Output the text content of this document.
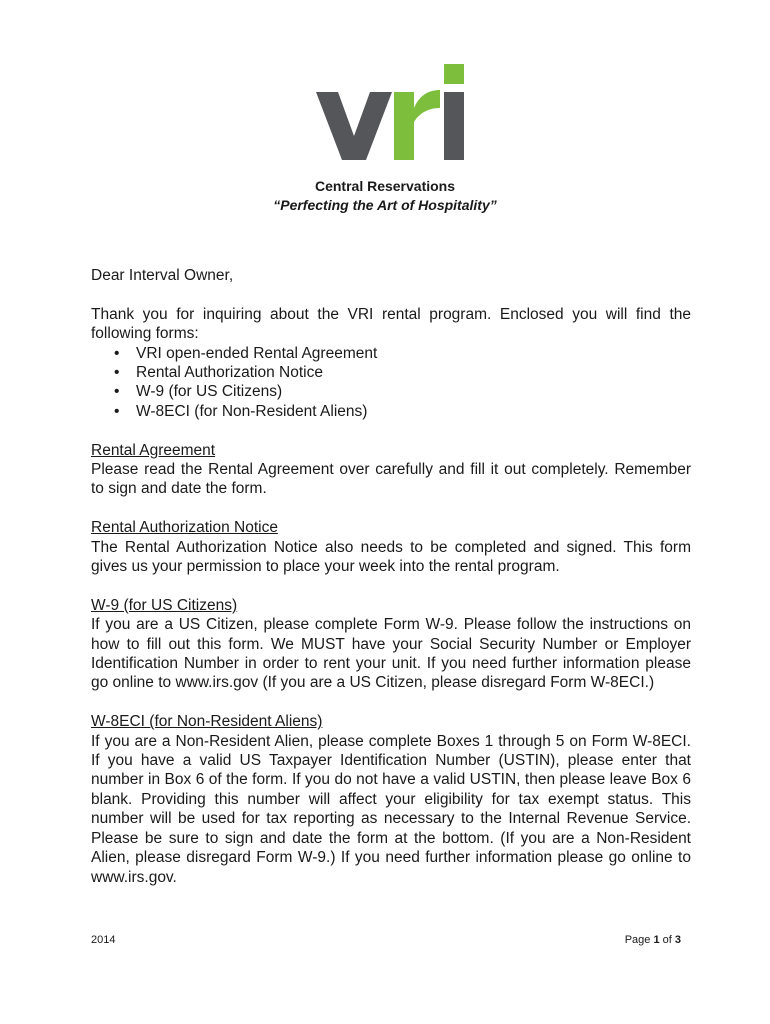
Central Reservations
“Perfecting the Art of Hospitality”

Dear Interval Owner,

Thank you for inquiring about the VRI rental program. Enclosed you will find the following forms:

• VRI open-ended Rental Agreement
• Rental Authorization Notice
• W-9 (for US Citizens)
• W-8ECI (for Non-Resident Aliens)

Rental Agreement

Please read the Rental Agreement over carefully and fill it out completely. Remember to sign and date the form.

Rental Authorization Notice

The Rental Authorization Notice also needs to be completed and signed. This form gives us your permission to place your week into the rental program.

W-9 (for US Citizens)

If you are a US Citizen, please complete Form W-9. Please follow the instructions on how to fill out this form. We MUST have your Social Security Number or Employer Identification Number in order to rent your unit. If you need further information please go online to www.irs.gov (If you are a US Citizen, please disregard Form W-8ECI.)

W-8ECI (for Non-Resident Aliens)

If you are a Non-Resident Alien, please complete Boxes 1 through 5 on Form W-8ECI. If you have a valid US Taxpayer Identification Number (USTIN), please enter that number in Box 6 of the form. If you do not have a valid USTIN, then please leave Box 6 blank. Providing this number will affect your eligibility for tax exempt status. This number will be used for tax reporting as necessary to the Internal Revenue Service. Please be sure to sign and date the form at the bottom. (If you are a Non-Resident Alien, please disregard Form W-9.) If you need further information please go online to www.irs.gov.

2014	Page 1 of 3
